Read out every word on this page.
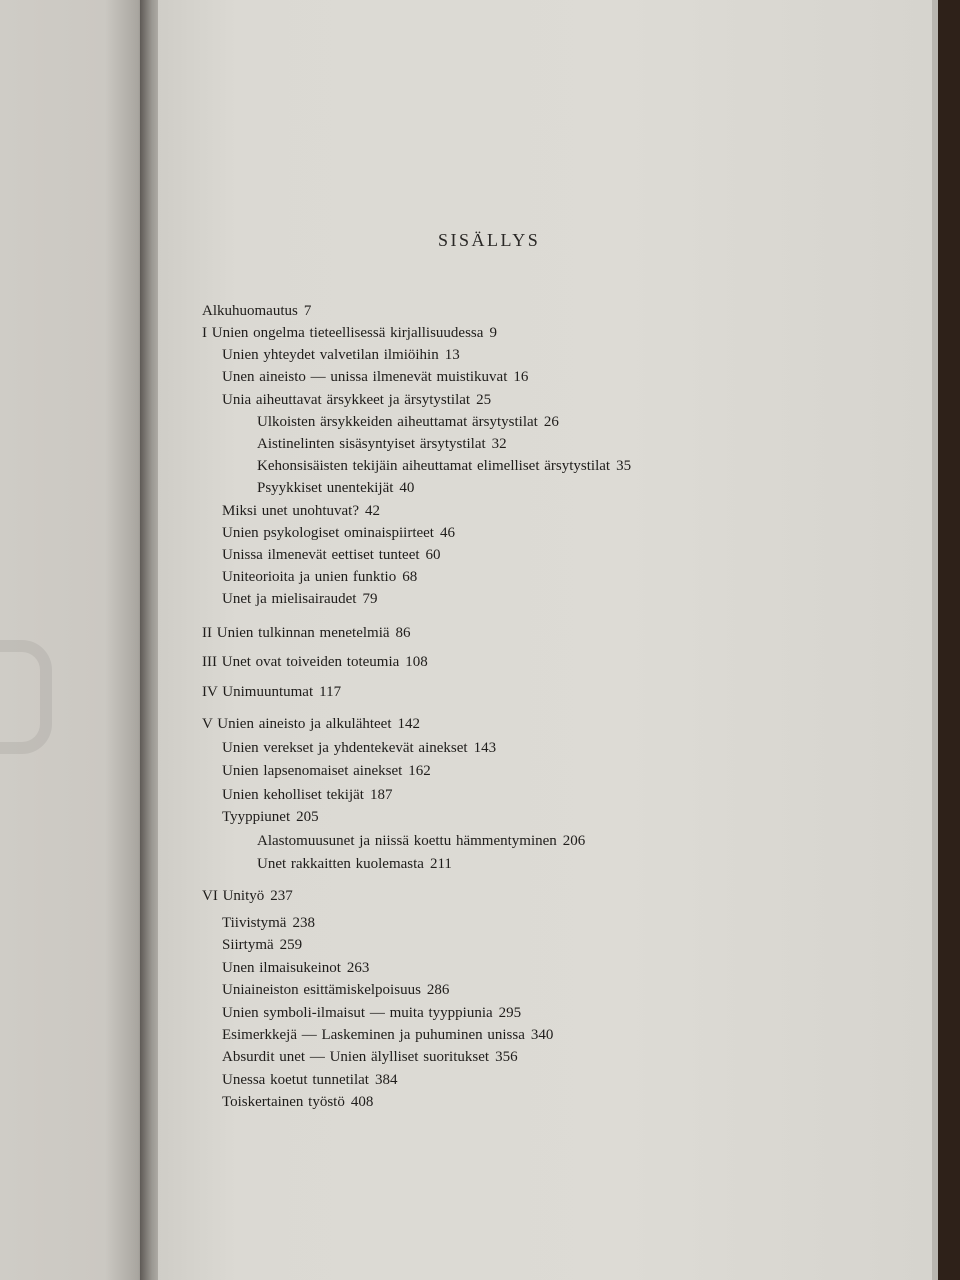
SISÄLLYS
Alkuhuomautus 7
I Unien ongelma tieteellisessä kirjallisuudessa 9
Unien yhteydet valvetilan ilmiöihin 13
Unen aineisto — unissa ilmenevät muistikuvat 16
Unia aiheuttavat ärsykkeet ja ärsytystilat 25
Ulkoisten ärsykkeiden aiheuttamat ärsytystilat 26
Aistinelinten sisäsyntyiset ärsytystilat 32
Kehonsisäisten tekijäin aiheuttamat elimelliset ärsytystilat 35
Psyykkiset unentekijät 40
Miksi unet unohtuvat? 42
Unien psykologiset ominaispiirteet 46
Unissa ilmenevät eettiset tunteet 60
Uniteorioita ja unien funktio 68
Unet ja mielisairaudet 79
II Unien tulkinnan menetelmiä 86
III Unet ovat toiveiden toteumia 108
IV Unimuuntumat 117
V Unien aineisto ja alkulähteet 142
Unien verekset ja yhdentekevät ainekset 143
Unien lapsenomaiset ainekset 162
Unien keholliset tekijät 187
Tyyppiunet 205
Alastomuusunet ja niissä koettu hämmentyminen 206
Unet rakkaitten kuolemasta 211
VI Unityö 237
Tiivistymä 238
Siirtymä 259
Unen ilmaisukeinot 263
Uniaineiston esittämiskelpoisuus 286
Unien symboli-ilmaisut — muita tyyppiunia 295
Esimerkkejä — Laskeminen ja puhuminen unissa 340
Absurdit unet — Unien älylliset suoritukset 356
Unessa koetut tunnetilat 384
Toiskertainen työstö 408
